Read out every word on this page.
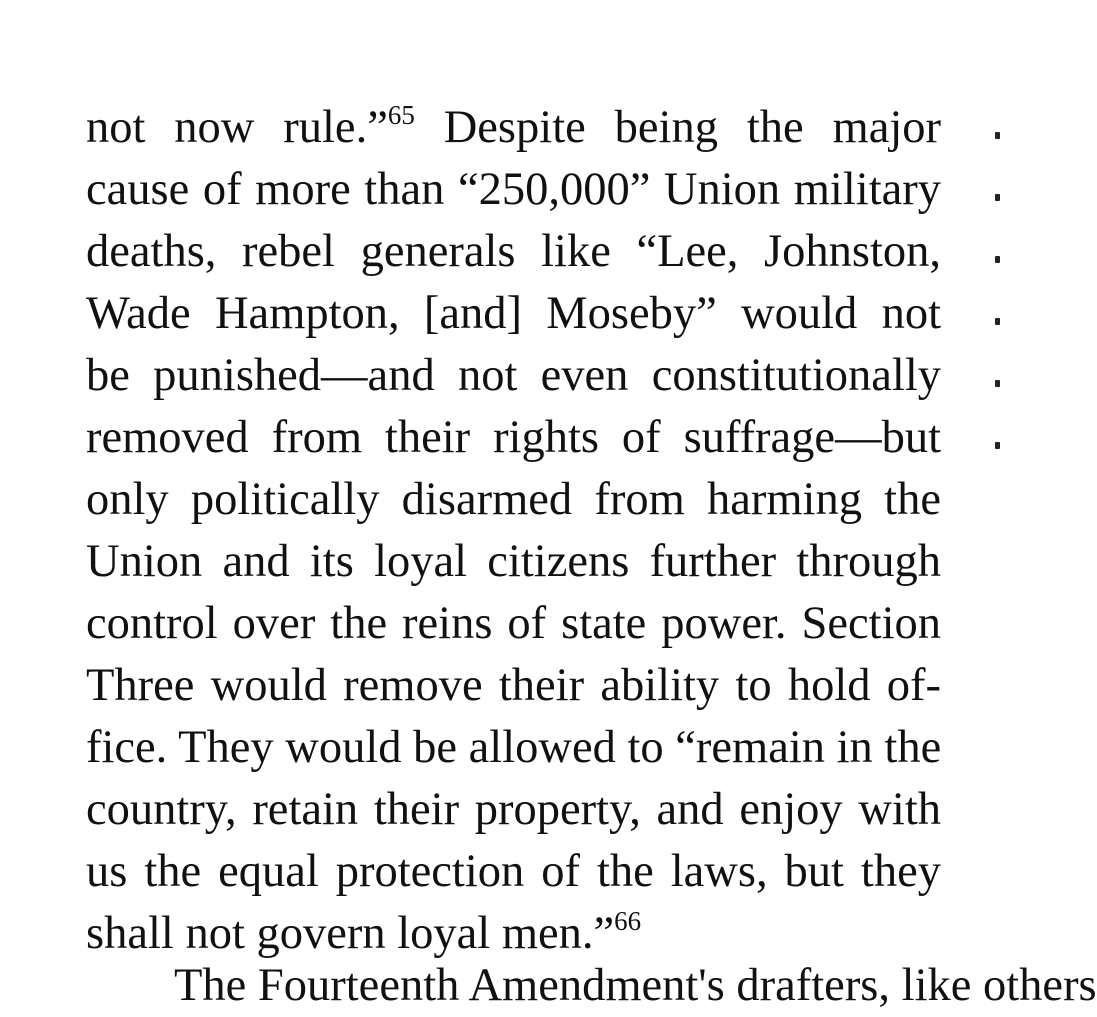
not now rule.”$^{65}$ Despite being the major
cause of more than “250,000” Union military
deaths, rebel generals like “Lee, Johnston,
Wade Hampton, [and] Moseby” would not
be punished—and not even constitutionally
removed from their rights of suffrage—but
only politically disarmed from harming the
Union and its loyal citizens further through
control over the reins of state power. Section
Three would remove their ability to hold of-
fice. They would be allowed to “remain in the
country, retain their property, and enjoy with
us the equal protection of the laws, but they
shall not govern loyal men.”$^{66}$
The Fourteenth Amendment's drafters, like others
